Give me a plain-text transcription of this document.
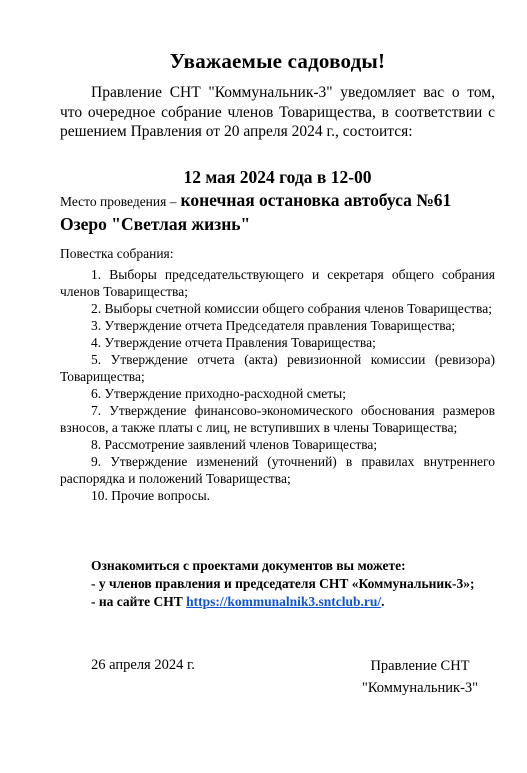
Уважаемые садоводы!

Правление СНТ "Коммунальник-3" уведомляет вас о том, что очередное собрание членов Товарищества, в соответствии с решением Правления от 20 апреля 2024 г., состоится:

12 мая 2024 года в 12-00

Место проведения – конечная остановка автобуса №61 Озеро "Светлая жизнь"

Повестка собрания:
1. Выборы председательствующего и секретаря общего собрания членов Товарищества;
2. Выборы счетной комиссии общего собрания членов Товарищества;
3. Утверждение отчета Председателя правления Товарищества;
4. Утверждение отчета Правления Товарищества;
5. Утверждение отчета (акта) ревизионной комиссии (ревизора) Товарищества;
6. Утверждение приходно-расходной сметы;
7. Утверждение финансово-экономического обоснования размеров взносов, а также платы с лиц, не вступивших в члены Товарищества;
8. Рассмотрение заявлений членов Товарищества;
9. Утверждение изменений (уточнений) в правилах внутреннего распорядка и положений Товарищества;
10. Прочие вопросы.
Ознакомиться с проектами документов вы можете:
- у членов правления и председателя СНТ «Коммунальник-3»;
- на сайте СНТ https://kommunalnik3.sntclub.ru/.
26 апреля 2024 г.	Правление СНТ
"Коммунальник-3"
